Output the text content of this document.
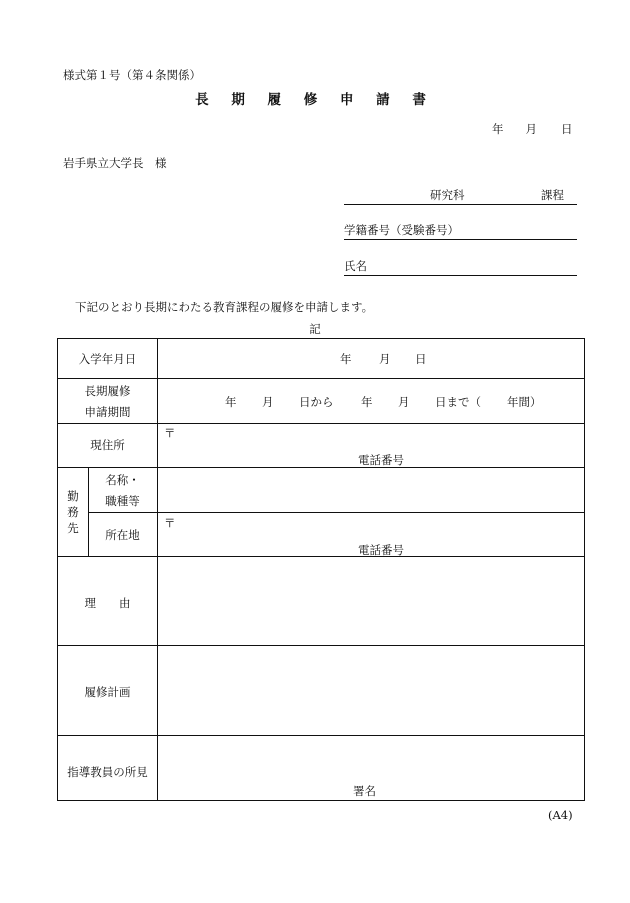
様式第１号（第４条関係）
長 期 履 修 申 請 書
年 月 日
岩手県立大学長　様
研究科	課程
学籍番号（受験番号）
氏名
下記のとおり長期にわたる教育課程の履修を申請します。
記
入学年月日	年 月 日
長期履修
申請期間
年 月 日から 年 月 日まで（ 年間）
現住所
〒
電話番号
勤
務
先
名称・
職種等
所在地
〒
電話番号
理　　由
履修計画
指導教員の所見
署名
(A4)
